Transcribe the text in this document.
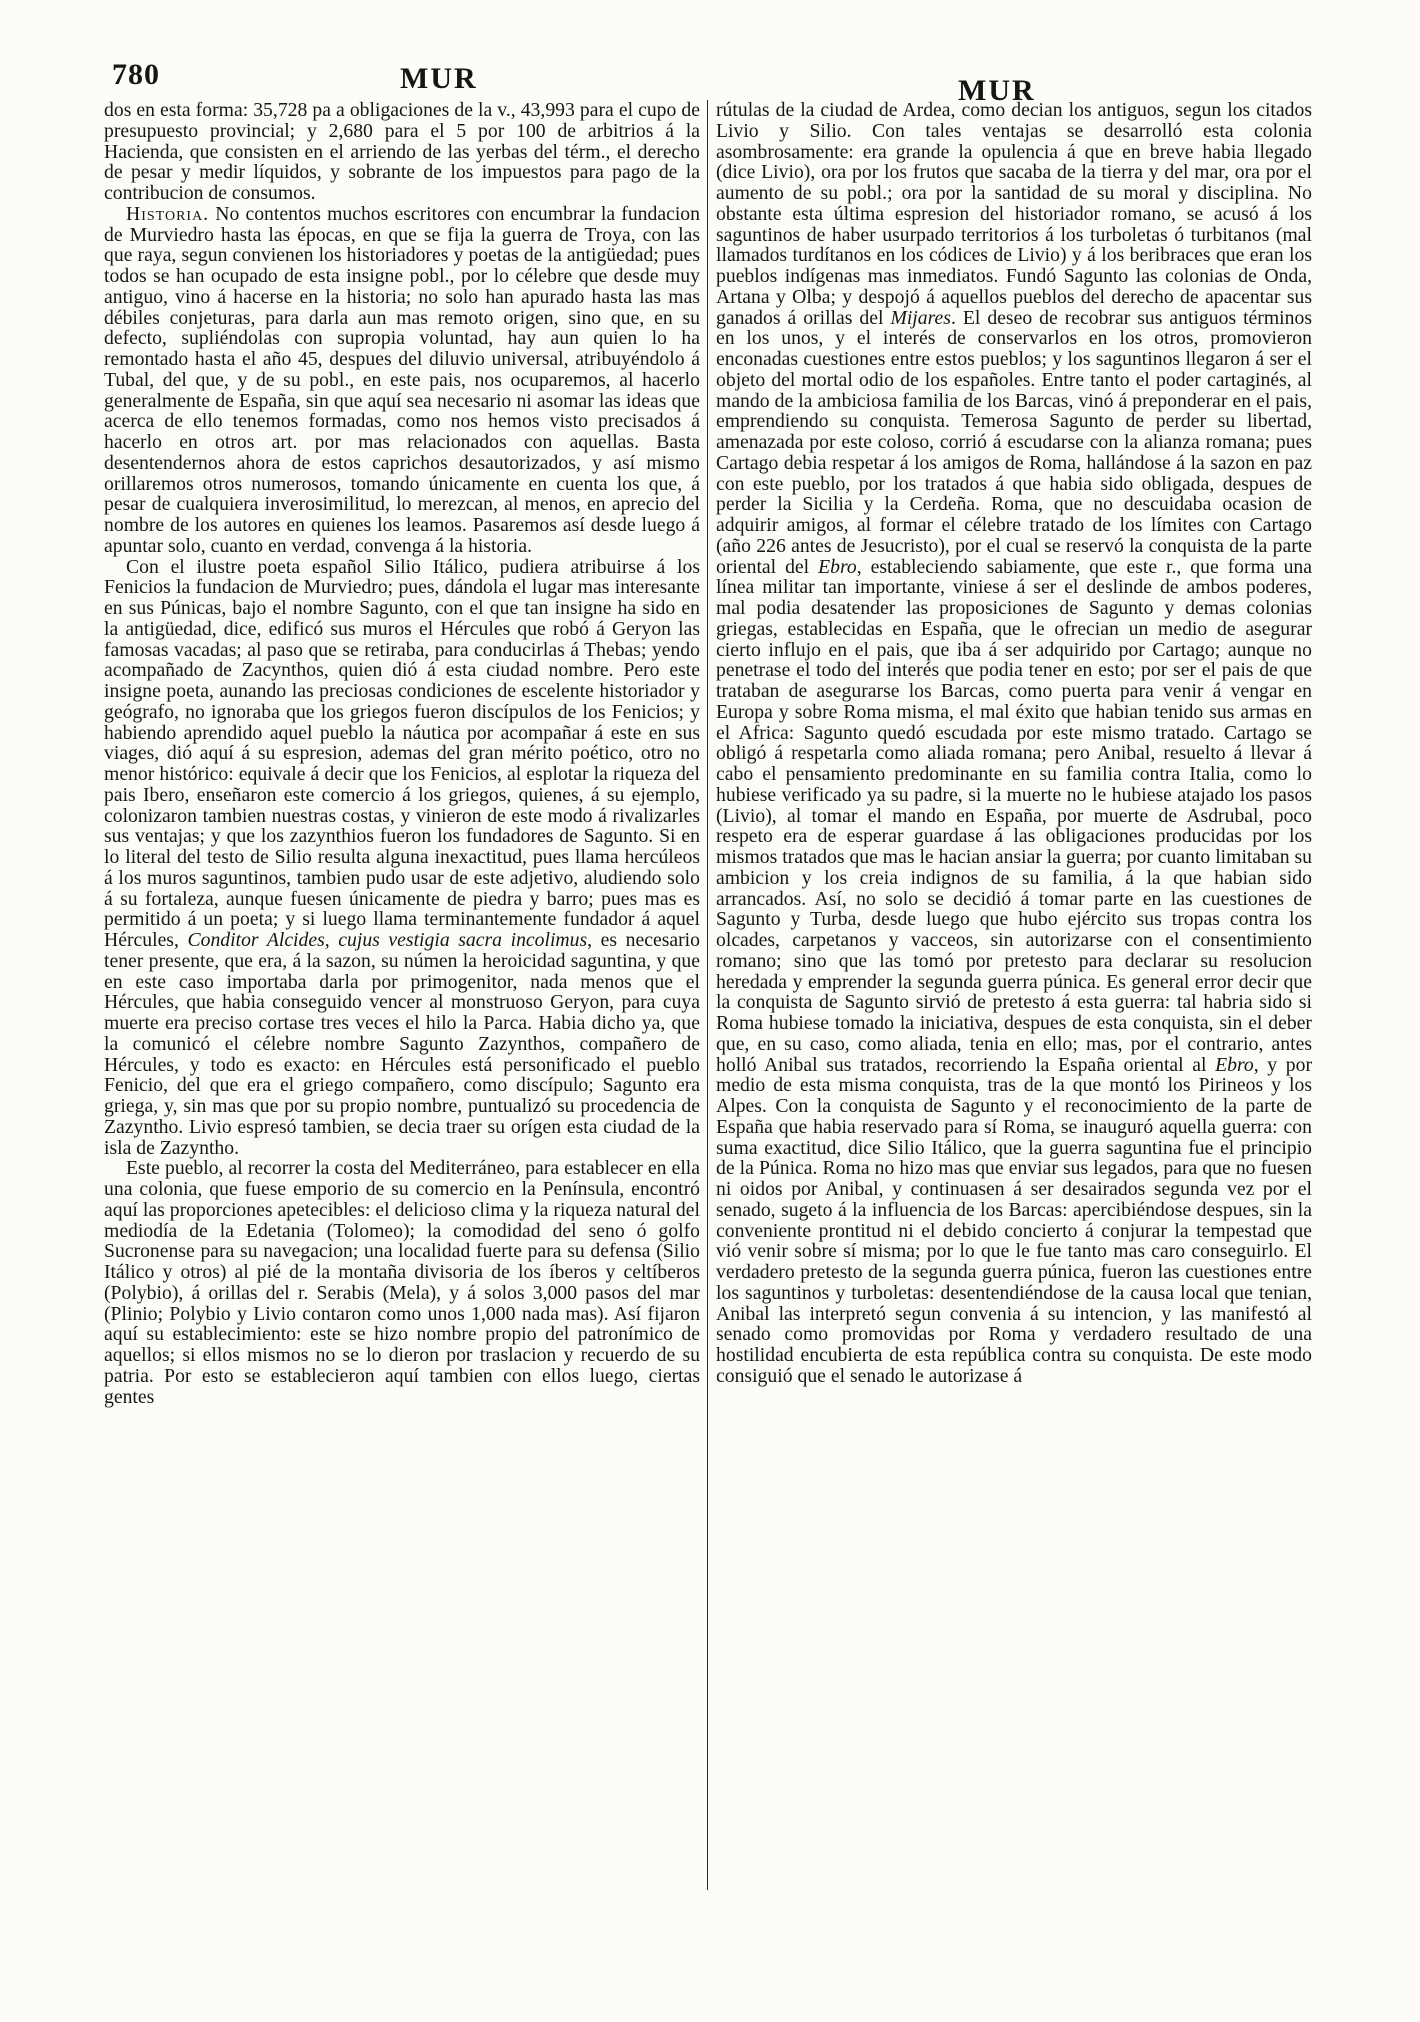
780	MUR	MUR

dos en esta forma: 35,728 pa a obligaciones de la v., 43,993 para el cupo de presupuesto provincial; y 2,680 para el 5 por 100 de arbitrios á la Hacienda, que consisten en el arriendo de las yerbas del térm., el derecho de pesar y medir líquidos, y sobrante de los impuestos para pago de la contribucion de consumos.

Historia. No contentos muchos escritores con encumbrar la fundacion de Murviedro hasta las épocas, en que se fija la guerra de Troya, con las que raya, segun convienen los historiadores y poetas de la antigüedad; pues todos se han ocupado de esta insigne pobl., por lo célebre que desde muy antiguo, vino á hacerse en la historia; no solo han apurado hasta las mas débiles conjeturas, para darla aun mas remoto origen, sino que, en su defecto, supliéndolas con supropia voluntad, hay aun quien lo ha remontado hasta el año 45, despues del diluvio universal, atribuyéndolo á Tubal, del que, y de su pobl., en este pais, nos ocuparemos, al hacerlo generalmente de España, sin que aquí sea necesario ni asomar las ideas que acerca de ello tenemos formadas, como nos hemos visto precisados á hacerlo en otros art. por mas relacionados con aquellas. Basta desentendernos ahora de estos caprichos desautorizados, y así mismo orillaremos otros numerosos, tomando únicamente en cuenta los que, á pesar de cualquiera inverosimilitud, lo merezcan, al menos, en aprecio del nombre de los autores en quienes los leamos. Pasaremos así desde luego á apuntar solo, cuanto en verdad, convenga á la historia.

Con el ilustre poeta español Silio Itálico, pudiera atribuirse á los Fenicios la fundacion de Murviedro; pues, dándola el lugar mas interesante en sus Púnicas, bajo el nombre Sagunto, con el que tan insigne ha sido en la antigüedad, dice, edificó sus muros el Hércules que robó á Geryon las famosas vacadas; al paso que se retiraba, para conducirlas á Thebas; yendo acompañado de Zacynthos, quien dió á esta ciudad nombre. Pero este insigne poeta, aunando las preciosas condiciones de escelente historiador y geógrafo, no ignoraba que los griegos fueron discípulos de los Fenicios; y habiendo aprendido aquel pueblo la náutica por acompañar á este en sus viages, dió aquí á su espresion, ademas del gran mérito poético, otro no menor histórico: equivale á decir que los Fenicios, al esplotar la riqueza del pais Ibero, enseñaron este comercio á los griegos, quienes, á su ejemplo, colonizaron tambien nuestras costas, y vinieron de este modo á rivalizarles sus ventajas; y que los zazynthios fueron los fundadores de Sagunto. Si en lo literal del testo de Silio resulta alguna inexactitud, pues llama hercúleos á los muros saguntinos, tambien pudo usar de este adjetivo, aludiendo solo á su fortaleza, aunque fuesen únicamente de piedra y barro; pues mas es permitido á un poeta; y si luego llama terminantemente fundador á aquel Hércules, Conditor Alcides, cujus vestigia sacra incolimus, es necesario tener presente, que era, á la sazon, su númen la heroicidad saguntina, y que en este caso importaba darla por primogenitor, nada menos que el Hércules, que habia conseguido vencer al monstruoso Geryon, para cuya muerte era preciso cortase tres veces el hilo la Parca. Habia dicho ya, que la comunicó el célebre nombre Sagunto Zazynthos, compañero de Hércules, y todo es exacto: en Hércules está personificado el pueblo Fenicio, del que era el griego compañero, como discípulo; Sagunto era griega, y, sin mas que por su propio nombre, puntualizó su procedencia de Zazyntho. Livio espresó tambien, se decia traer su orígen esta ciudad de la isla de Zazyntho.

Este pueblo, al recorrer la costa del Mediterráneo, para establecer en ella una colonia, que fuese emporio de su comercio en la Península, encontró aquí las proporciones apetecibles: el delicioso clima y la riqueza natural del mediodía de la Edetania (Tolomeo); la comodidad del seno ó golfo Sucronense para su navegacion; una localidad fuerte para su defensa (Silio Itálico y otros) al pié de la montaña divisoria de los íberos y celtíberos (Polybio), á orillas del r. Serabis (Mela), y á solos 3,000 pasos del mar (Plinio; Polybio y Livio contaron como unos 1,000 nada mas). Así fijaron aquí su establecimiento: este se hizo nombre propio del patronímico de aquellos; si ellos mismos no se lo dieron por traslacion y recuerdo de su patria. Por esto se establecieron aquí tambien con ellos luego, ciertas gentes

rútulas de la ciudad de Ardea, como decian los antiguos, segun los citados Livio y Silio. Con tales ventajas se desarrolló esta colonia asombrosamente: era grande la opulencia á que en breve habia llegado (dice Livio), ora por los frutos que sacaba de la tierra y del mar, ora por el aumento de su pobl.; ora por la santidad de su moral y disciplina. No obstante esta última espresion del historiador romano, se acusó á los saguntinos de haber usurpado territorios á los turboletas ó turbitanos (mal llamados turdítanos en los códices de Livio) y á los beribraces que eran los pueblos indígenas mas inmediatos. Fundó Sagunto las colonias de Onda, Artana y Olba; y despojó á aquellos pueblos del derecho de apacentar sus ganados á orillas del Mijares. El deseo de recobrar sus antiguos términos en los unos, y el interés de conservarlos en los otros, promovieron enconadas cuestiones entre estos pueblos; y los saguntinos llegaron á ser el objeto del mortal odio de los españoles. Entre tanto el poder cartaginés, al mando de la ambiciosa familia de los Barcas, vinó á preponderar en el pais, emprendiendo su conquista. Temerosa Sagunto de perder su libertad, amenazada por este coloso, corrió á escudarse con la alianza romana; pues Cartago debia respetar á los amigos de Roma, hallándose á la sazon en paz con este pueblo, por los tratados á que habia sido obligada, despues de perder la Sicilia y la Cerdeña. Roma, que no descuidaba ocasion de adquirir amigos, al formar el célebre tratado de los límites con Cartago (año 226 antes de Jesucristo), por el cual se reservó la conquista de la parte oriental del Ebro, estableciendo sabiamente, que este r., que forma una línea militar tan importante, viniese á ser el deslinde de ambos poderes, mal podia desatender las proposiciones de Sagunto y demas colonias griegas, establecidas en España, que le ofrecian un medio de asegurar cierto influjo en el pais, que iba á ser adquirido por Cartago; aunque no penetrase el todo del interés que podia tener en esto; por ser el pais de que trataban de asegurarse los Barcas, como puerta para venir á vengar en Europa y sobre Roma misma, el mal éxito que habian tenido sus armas en el Africa: Sagunto quedó escudada por este mismo tratado. Cartago se obligó á respetarla como aliada romana; pero Anibal, resuelto á llevar á cabo el pensamiento predominante en su familia contra Italia, como lo hubiese verificado ya su padre, si la muerte no le hubiese atajado los pasos (Livio), al tomar el mando en España, por muerte de Asdrubal, poco respeto era de esperar guardase á las obligaciones producidas por los mismos tratados que mas le hacian ansiar la guerra; por cuanto limitaban su ambicion y los creia indignos de su familia, á la que habian sido arrancados. Así, no solo se decidió á tomar parte en las cuestiones de Sagunto y Turba, desde luego que hubo ejército sus tropas contra los olcades, carpetanos y vacceos, sin autorizarse con el consentimiento romano; sino que las tomó por pretesto para declarar su resolucion heredada y emprender la segunda guerra púnica. Es general error decir que la conquista de Sagunto sirvió de pretesto á esta guerra: tal habria sido si Roma hubiese tomado la iniciativa, despues de esta conquista, sin el deber que, en su caso, como aliada, tenia en ello; mas, por el contrario, antes holló Anibal sus tratados, recorriendo la España oriental al Ebro, y por medio de esta misma conquista, tras de la que montó los Pirineos y los Alpes. Con la conquista de Sagunto y el reconocimiento de la parte de España que habia reservado para sí Roma, se inauguró aquella guerra: con suma exactitud, dice Silio Itálico, que la guerra saguntina fue el principio de la Púnica. Roma no hizo mas que enviar sus legados, para que no fuesen ni oidos por Anibal, y continuasen á ser desairados segunda vez por el senado, sugeto á la influencia de los Barcas: apercibiéndose despues, sin la conveniente prontitud ni el debido concierto á conjurar la tempestad que vió venir sobre sí misma; por lo que le fue tanto mas caro conseguirlo. El verdadero pretesto de la segunda guerra púnica, fueron las cuestiones entre los saguntinos y turboletas: desentendiéndose de la causa local que tenian, Anibal las interpretó segun convenia á su intencion, y las manifestó al senado como promovidas por Roma y verdadero resultado de una hostilidad encubierta de esta república contra su conquista. De este modo consiguió que el senado le autorizase á
